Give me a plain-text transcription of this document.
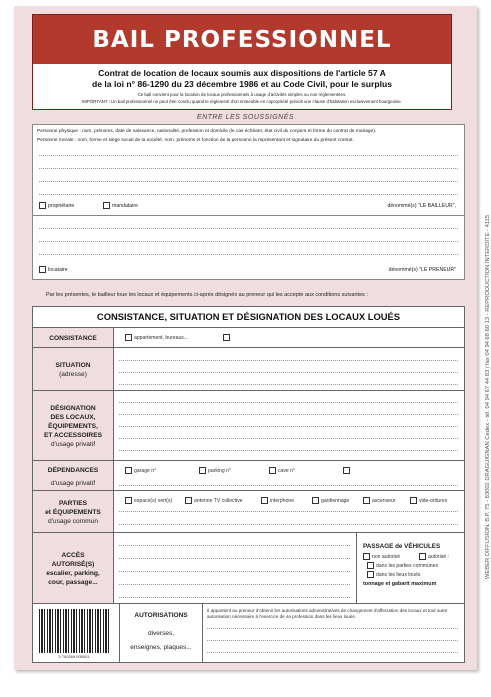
BAIL PROFESSIONNEL
Contrat de location de locaux soumis aux dispositions de l'article 57 A
de la loi n° 86-1290 du 23 décembre 1986 et au Code Civil, pour le surplus
Ce bail convient pour la location de locaux professionnels à usage d'activités simples ou non réglementées.
IMPORTANT : Un bail professionnel ne peut être conclu quand le règlement d'un immeuble en copropriété prévoit une clause d'habitation exclusivement bourgeoise.
ENTRE LES SOUSSIGNÉS
Personne physique : nom, prénoms, date de naissance, nationalité, profession et domicile (le cas échéant, état civil du conjoint et forme du contrat de mariage).
Personne morale : nom, forme et siège social de la société, nom, prénoms et fonction de la personne la représentant et signataire du présent contrat.
propriétaire	mandataire	dénommé(s) "LE BAILLEUR",
locataire	dénommé(s) "LE PRENEUR"
Par les présentes, le bailleur loue les locaux et équipements ci-après désignés au preneur qui les accepte aux conditions suivantes :
CONSISTANCE, SITUATION ET DÉSIGNATION DES LOCAUX LOUÉS
CONSISTANCE	appartement, bureaux...
SITUATION
(adresse)
DÉSIGNATION
DES LOCAUX,
ÉQUIPEMENTS,
ET ACCESSOIRES
d'usage privatif
DÉPENDANCES
d'usage privatif
garage n°	parking n°	cave n°
PARTIES
et ÉQUIPEMENTS
d'usage commun
espace(s) vert(s)	antenne TV collective	interphone	gardiennage	ascenseur	vide-ordures
ACCÈS
AUTORISÉ(S)
escalier, parking,
cour, passage...
PASSAGE de VÉHICULES
non autorisé	autorisé :
dans les parties communes
dans les lieux loués
tonnage et gabarit maximum
3 700269 005001
AUTORISATIONS
diverses,
enseignes, plaques...
Il appartient au preneur d'obtenir les autorisations administratives de changement d'affectation des locaux et tout autre autorisation nécessaire à l'exercice de sa profession dans les lieux loués.
WEBER DIFFUSION, B.P. 75 - 83002 DRAGUIGNAN Cedex - tél. 04 94 67 44 83 / fax 04 94 68 60 13 - REPRODUCTION INTERDITE - 4115
